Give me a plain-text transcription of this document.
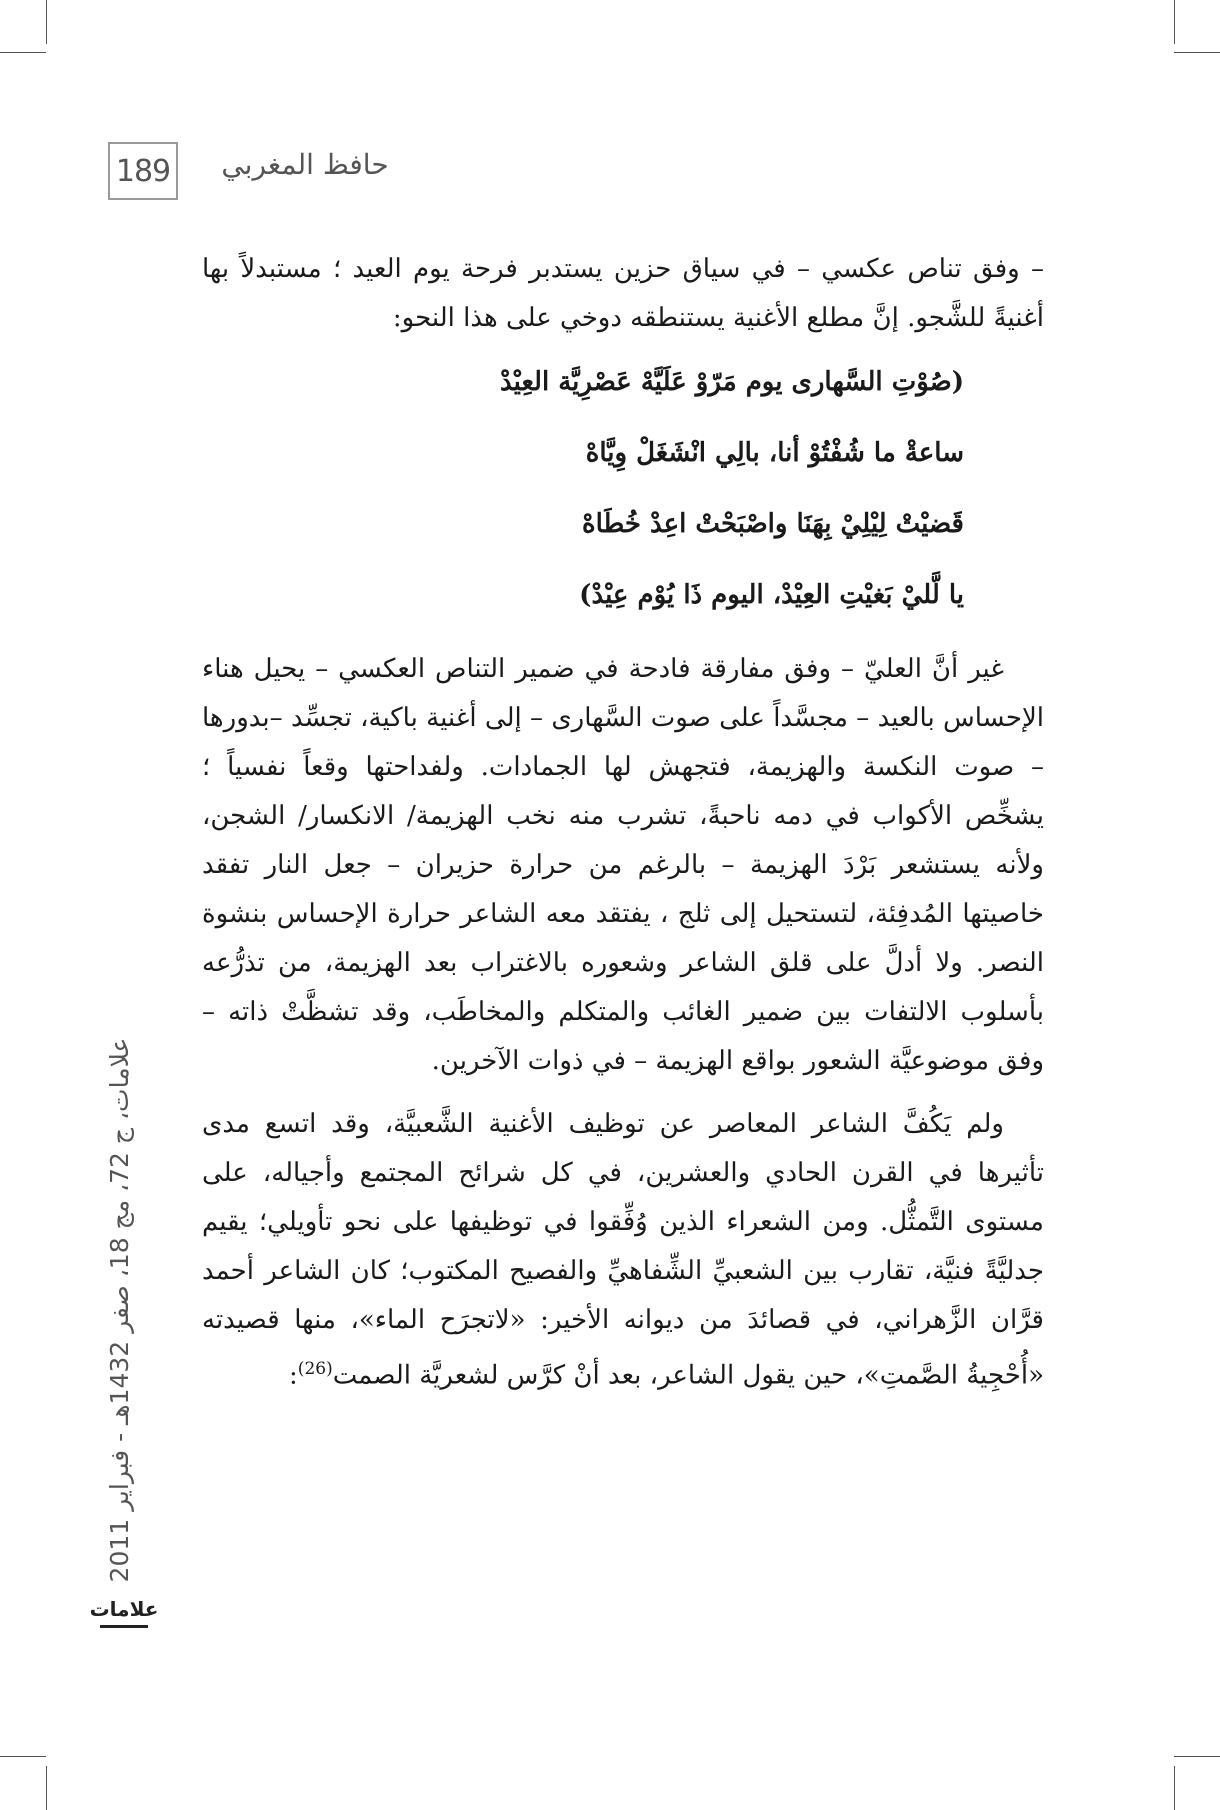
189	حافظ المغربي

– وفق تناص عكسي – في سياق حزين يستدبر فرحة يوم العيد ؛ مستبدلاً بها أغنيةً للشَّجو. إنَّ مطلع الأغنية يستنطقه دوخي على هذا النحو:

(صُوْتِ السَّهارى يوم مَرّوْ عَلَيَّهْ عَصْرِيَّة العِيْدْ
ساعةْ ما شُفْتُوْ أنا، بالِي انْشَغَلْ وِيَّاهْ
قَضيْتْ لِيْلِيْ بِهَنَا واصْبَحْتْ اعِدْ خُطَاهْ
يا لَّليْ بَغيْتِ العِيْدْ، اليوم ذَا يُوْم عِيْدْ)

غير أنَّ العليّ – وفق مفارقة فادحة في ضمير التناص العكسي – يحيل هناء الإحساس بالعيد – مجسَّداً على صوت السَّهارى – إلى أغنية باكية، تجسِّد –بدورها – صوت النكسة والهزيمة، فتجهش لها الجمادات. ولفداحتها وقعاً نفسياً ؛ يشخِّص الأكواب في دمه ناحبةً، تشرب منه نخب الهزيمة/ الانكسار/ الشجن، ولأنه يستشعر بَرْدَ الهزيمة – بالرغم من حرارة حزيران – جعل النار تفقد خاصيتها المُدفِئة، لتستحيل إلى ثلج ، يفتقد معه الشاعر حرارة الإحساس بنشوة النصر. ولا أدلَّ على قلق الشاعر وشعوره بالاغتراب بعد الهزيمة، من تذرُّعه بأسلوب الالتفات بين ضمير الغائب والمتكلم والمخاطَب، وقد تشظَّتْ ذاته – وفق موضوعيَّة الشعور بواقع الهزيمة – في ذوات الآخرين.

ولم يَكُفَّ الشاعر المعاصر عن توظيف الأغنية الشَّعبيَّة، وقد اتسع مدى تأثيرها في القرن الحادي والعشرين، في كل شرائح المجتمع وأجياله، على مستوى التَّمثُّل. ومن الشعراء الذين وُفِّقوا في توظيفها على نحو تأويلي؛ يقيم جدليَّةً فنيَّة، تقارب بين الشعبيِّ الشِّفاهيِّ والفصيح المكتوب؛ كان الشاعر أحمد قرَّان الزَّهراني، في قصائدَ من ديوانه الأخير: «لاتجرَح الماء»، منها قصيدته «أُحْجِيةُ الصَّمتِ»، حين يقول الشاعر، بعد أنْ كرَّس لشعريَّة الصمت$^{(26)}$:

علامات، ج 72، مج 18، صفر 1432هـ - فبراير 2011
علامات
